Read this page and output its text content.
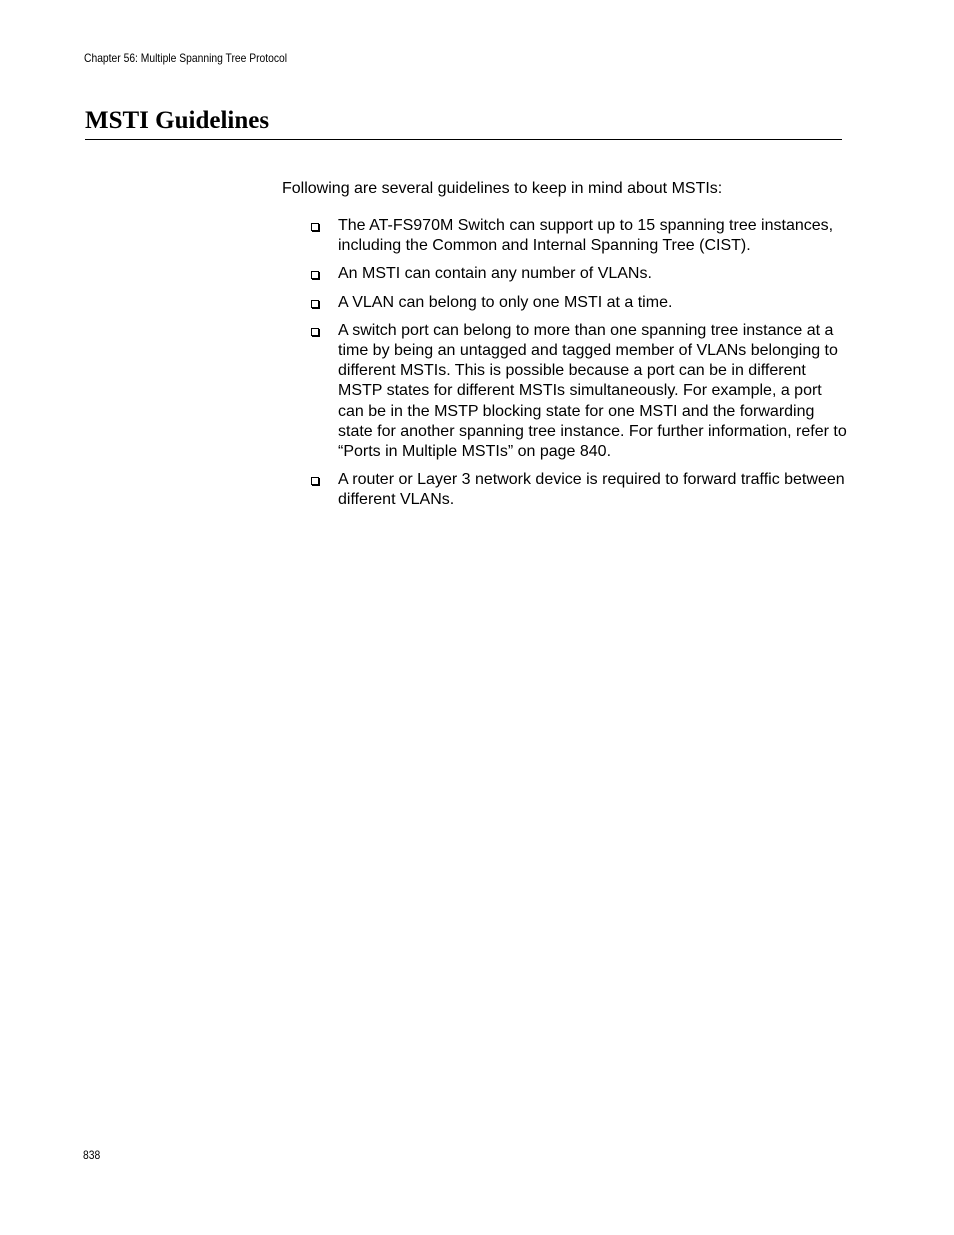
Chapter 56: Multiple Spanning Tree Protocol
MSTI Guidelines

Following are several guidelines to keep in mind about MSTIs:

The AT-FS970M Switch can support up to 15 spanning tree instances, including the Common and Internal Spanning Tree (CIST).
An MSTI can contain any number of VLANs.
A VLAN can belong to only one MSTI at a time.
A switch port can belong to more than one spanning tree instance at a time by being an untagged and tagged member of VLANs belonging to different MSTIs. This is possible because a port can be in different MSTP states for different MSTIs simultaneously. For example, a port can be in the MSTP blocking state for one MSTI and the forwarding state for another spanning tree instance. For further information, refer to “Ports in Multiple MSTIs” on page 840.
A router or Layer 3 network device is required to forward traffic between different VLANs.
838
